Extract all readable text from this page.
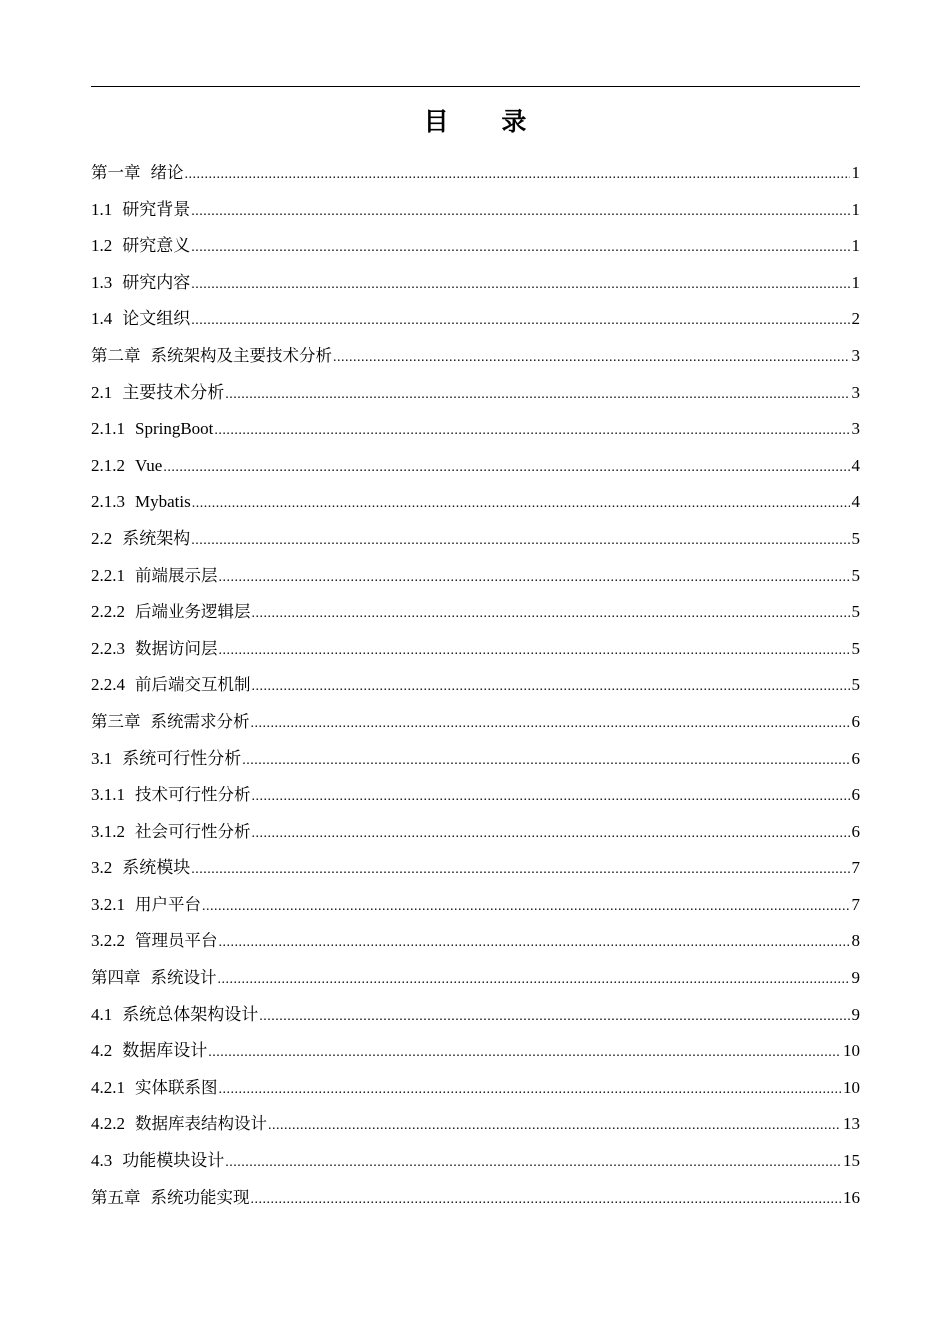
目 录
第一章 绪论 .....	1
1.1 研究背景 .....	1
1.2 研究意义 .....	1
1.3 研究内容 .....	1
1.4 论文组织 .....	2
第二章 系统架构及主要技术分析 .....	3
2.1 主要技术分析 .....	3
2.1.1 SpringBoot .....	3
2.1.2 Vue .....	4
2.1.3 Mybatis .....	4
2.2 系统架构 .....	5
2.2.1 前端展示层 .....	5
2.2.2 后端业务逻辑层 .....	5
2.2.3 数据访问层 .....	5
2.2.4 前后端交互机制 .....	5
第三章 系统需求分析 .....	6
3.1 系统可行性分析 .....	6
3.1.1 技术可行性分析 .....	6
3.1.2 社会可行性分析 .....	6
3.2 系统模块 .....	7
3.2.1 用户平台 .....	7
3.2.2 管理员平台 .....	8
第四章 系统设计 .....	9
4.1 系统总体架构设计 .....	9
4.2 数据库设计 .....	10
4.2.1 实体联系图 .....	10
4.2.2 数据库表结构设计 .....	13
4.3 功能模块设计 .....	15
第五章 系统功能实现 .....	16
